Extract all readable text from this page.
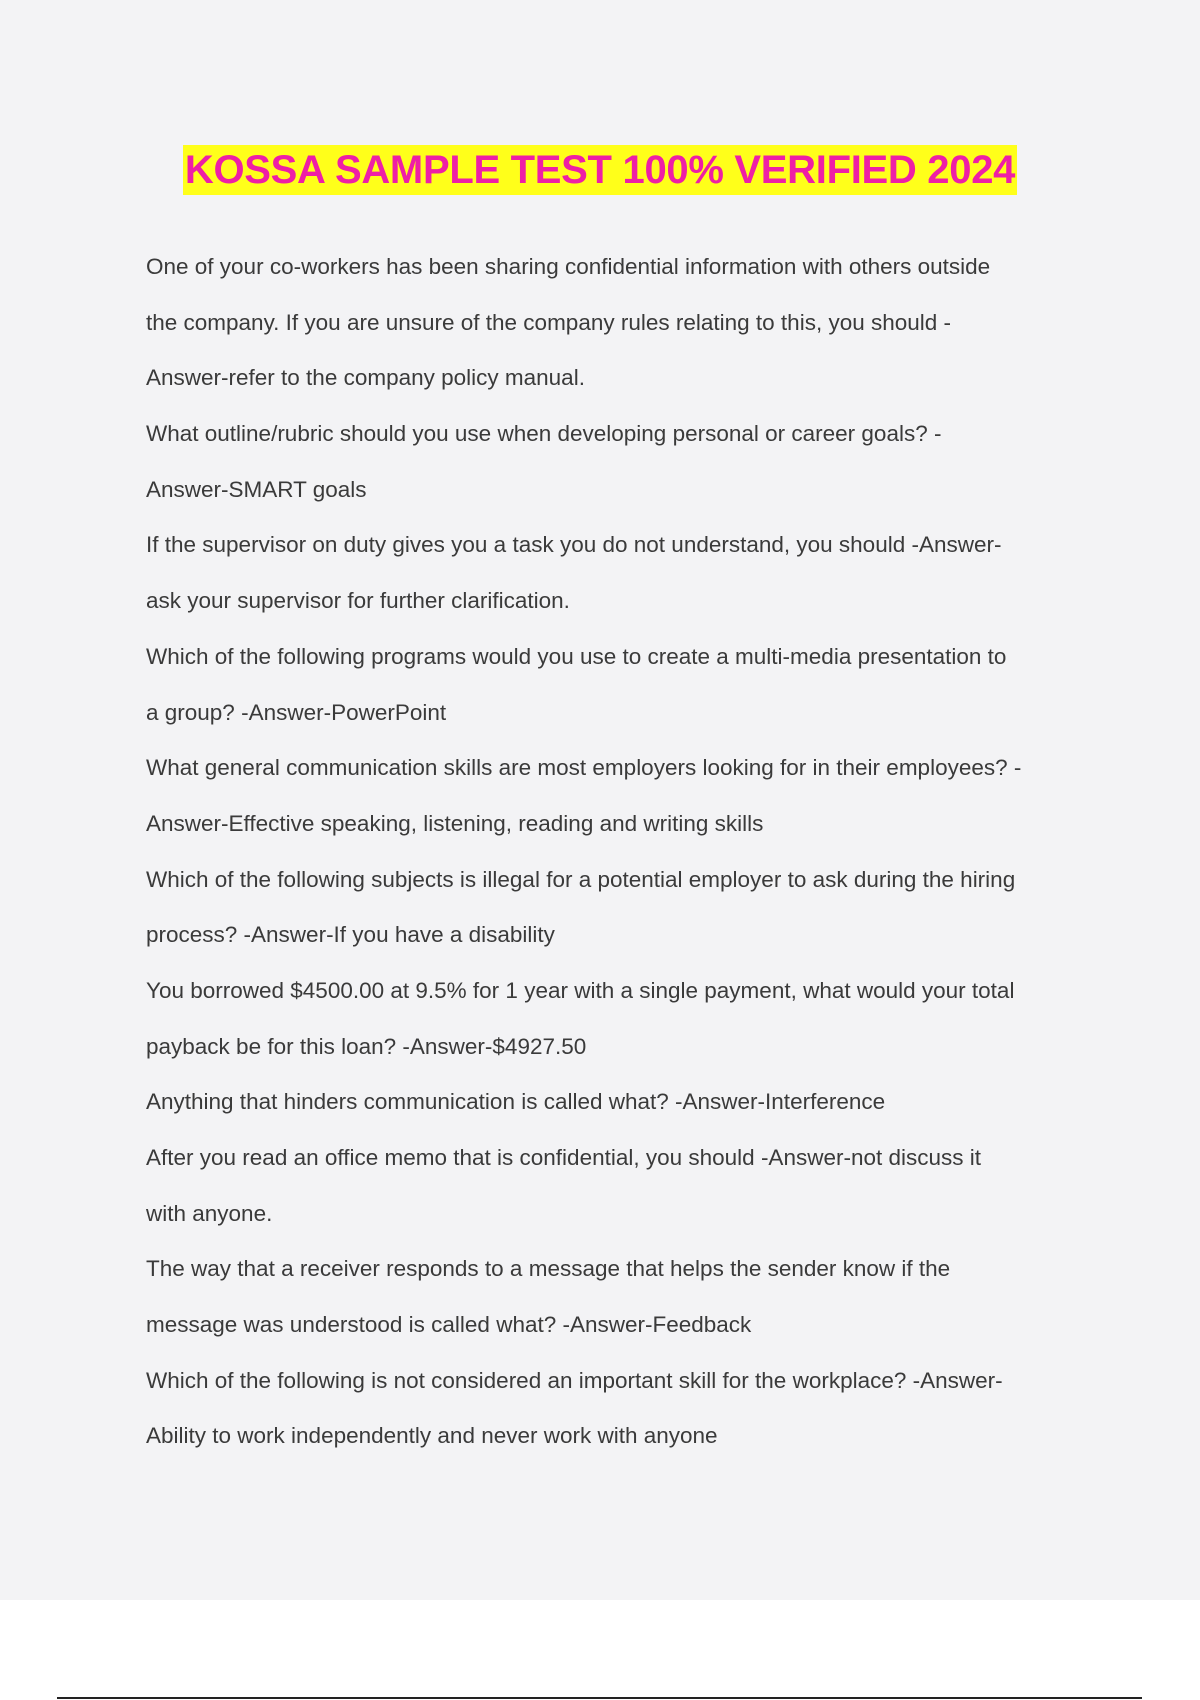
KOSSA SAMPLE TEST 100% VERIFIED 2024
One of your co-workers has been sharing confidential information with others outside
the company. If you are unsure of the company rules relating to this, you should -
Answer-refer to the company policy manual.
What outline/rubric should you use when developing personal or career goals? -
Answer-SMART goals
If the supervisor on duty gives you a task you do not understand, you should -Answer-
ask your supervisor for further clarification.
Which of the following programs would you use to create a multi-media presentation to
a group? -Answer-PowerPoint
What general communication skills are most employers looking for in their employees? -
Answer-Effective speaking, listening, reading and writing skills
Which of the following subjects is illegal for a potential employer to ask during the hiring
process? -Answer-If you have a disability
You borrowed $4500.00 at 9.5% for 1 year with a single payment, what would your total
payback be for this loan? -Answer-$4927.50
Anything that hinders communication is called what? -Answer-Interference
After you read an office memo that is confidential, you should -Answer-not discuss it
with anyone.
The way that a receiver responds to a message that helps the sender know if the
message was understood is called what? -Answer-Feedback
Which of the following is not considered an important skill for the workplace? -Answer-
Ability to work independently and never work with anyone
